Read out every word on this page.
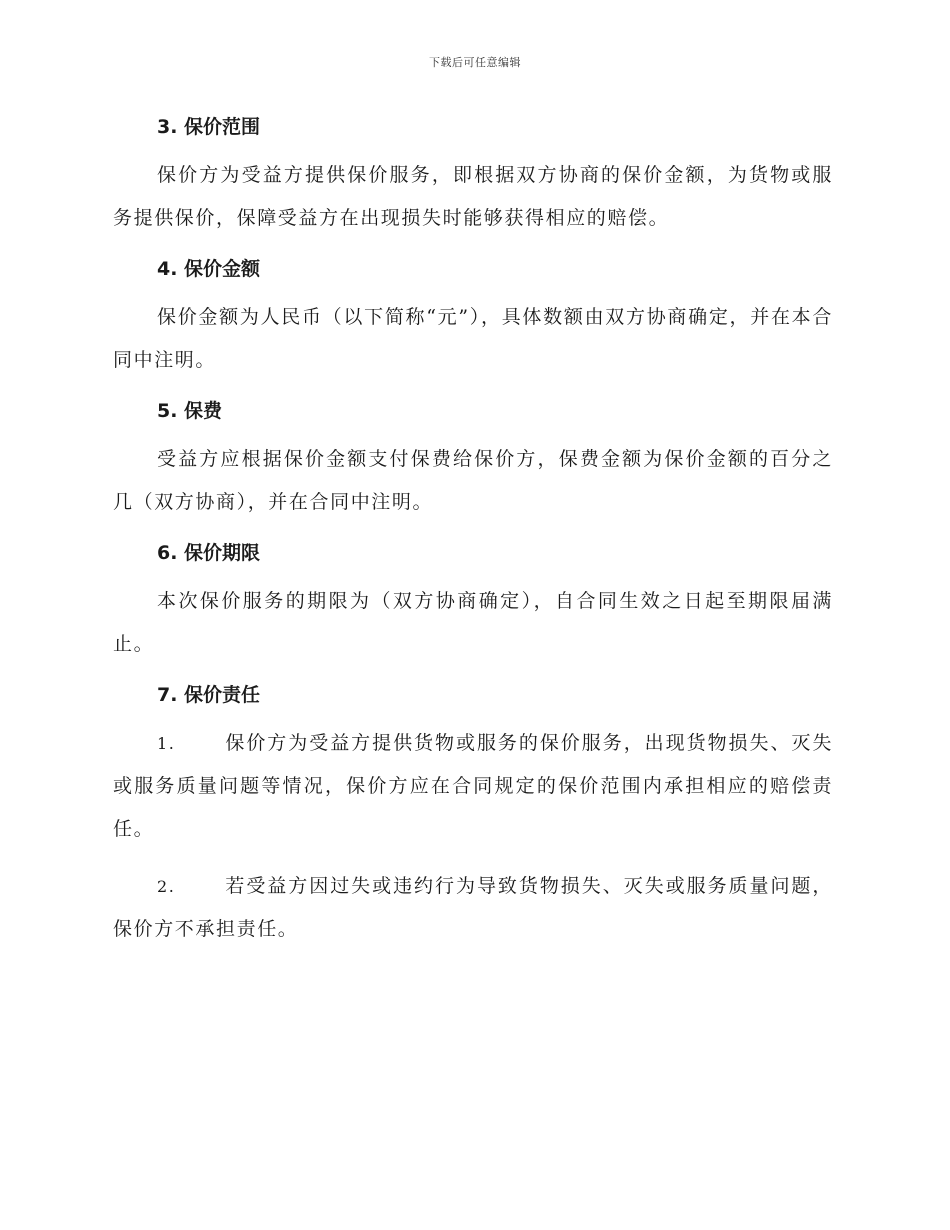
下载后可任意编辑
3. 保价范围

保价方为受益方提供保价服务，即根据双方协商的保价金额，为货物或服务提供保价，保障受益方在出现损失时能够获得相应的赔偿。

4. 保价金额

保价金额为人民币（以下简称“元”），具体数额由双方协商确定，并在本合同中注明。

5. 保费

受益方应根据保价金额支付保费给保价方，保费金额为保价金额的百分之几（双方协商），并在合同中注明。

6. 保价期限

本次保价服务的期限为（双方协商确定），自合同生效之日起至期限届满止。

7. 保价责任

1.	保价方为受益方提供货物或服务的保价服务，出现货物损失、灭失或服务质量问题等情况，保价方应在合同规定的保价范围内承担相应的赔偿责任。

2.	若受益方因过失或违约行为导致货物损失、灭失或服务质量问题，保价方不承担责任。
